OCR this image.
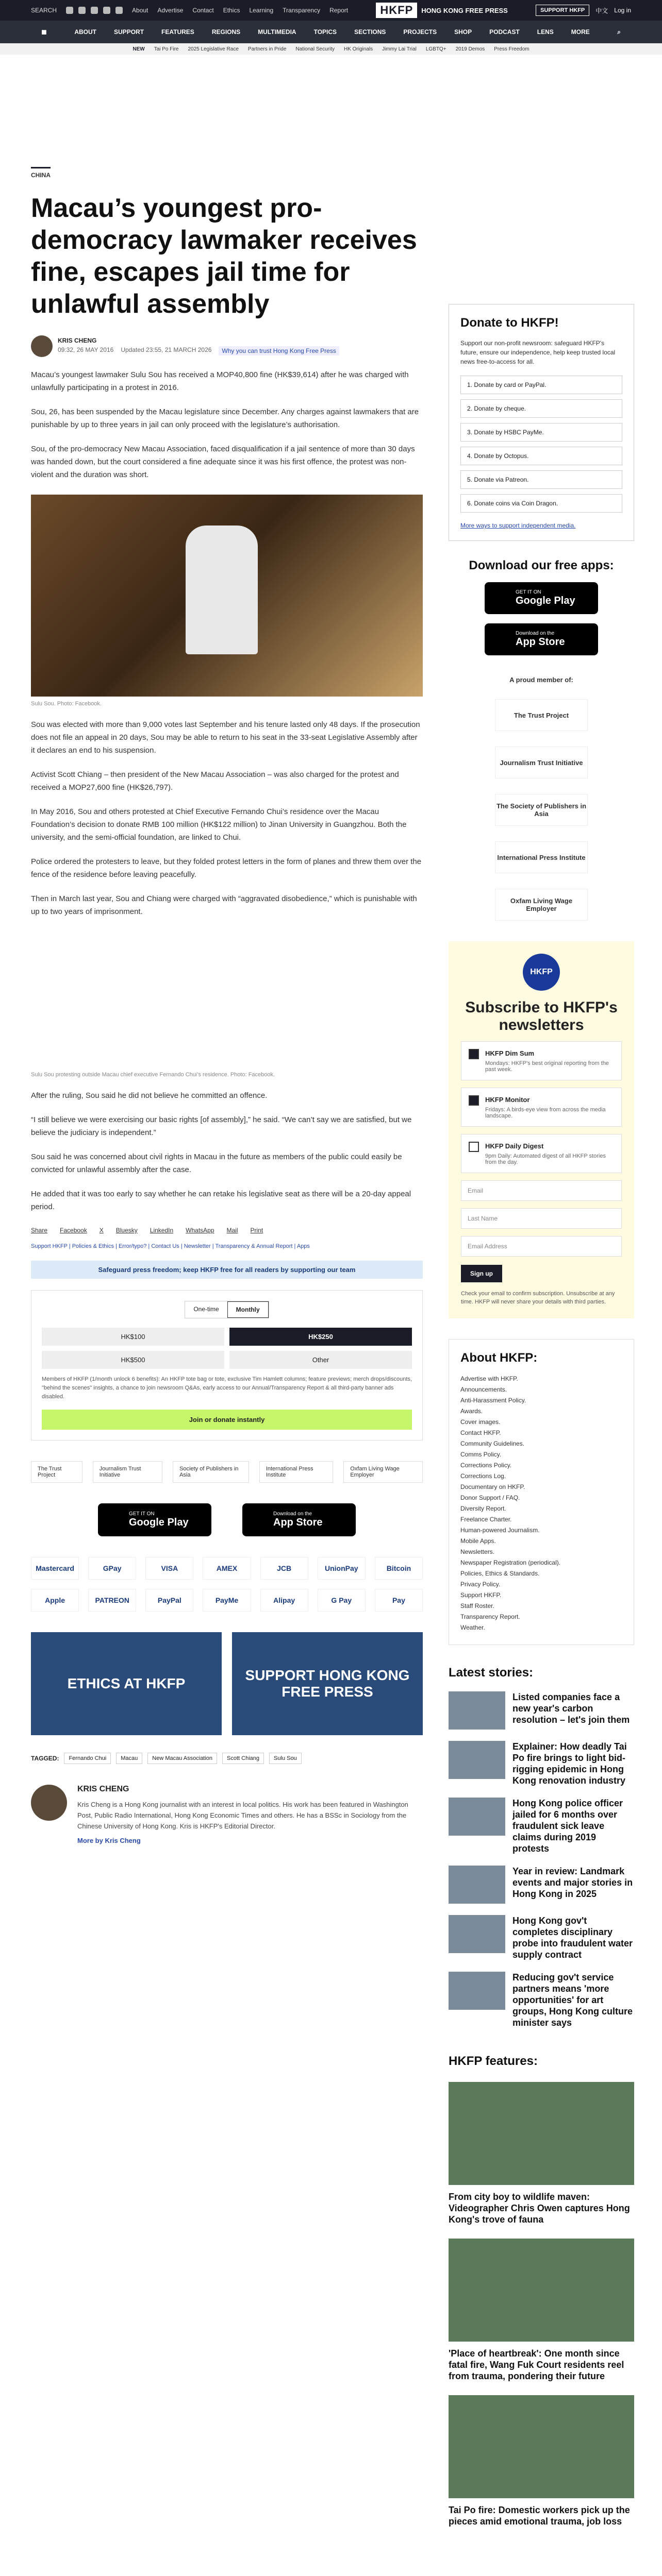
SEARCH	About Advertise Contact Ethics Learning Transparency Report	HKFP	HONG KONG FREE PRESS	SUPPORT HKFP	中文 Log in
■	ABOUT	SUPPORT	FEATURES	REGIONS	MULTIMEDIA	TOPICS	SECTIONS	PROJECTS	SHOP	PODCAST	LENS	MORE	⌕
NEW Tai Po Fire 2025 Legislative Race Partners in Pride National Security HK Originals Jimmy Lai Trial LGBTQ+ 2019 Demos Press Freedom
CHINA
Macau’s youngest pro-democracy lawmaker receives fine, escapes jail time for unlawful assembly
KRIS CHENG
09:32, 26 MAY 2016 Updated 23:55, 21 MARCH 2026	Why you can trust Hong Kong Free Press

Macau’s youngest lawmaker Sulu Sou has received a MOP40,800 fine (HK$39,614) after he was charged with unlawfully participating in a protest in 2016.

Sou, 26, has been suspended by the Macau legislature since December. Any charges against lawmakers that are punishable by up to three years in jail can only proceed with the legislature’s authorisation.

Sou, of the pro-democracy New Macau Association, faced disqualification if a jail sentence of more than 30 days was handed down, but the court considered a fine adequate since it was his first offence, the protest was non-violent and the duration was short.

Sulu Sou. Photo: Facebook.

Sou was elected with more than 9,000 votes last September and his tenure lasted only 48 days. If the prosecution does not file an appeal in 20 days, Sou may be able to return to his seat in the 33-seat Legislative Assembly after it declares an end to his suspension.

Activist Scott Chiang – then president of the New Macau Association – was also charged for the protest and received a MOP27,600 fine (HK$26,797).

In May 2016, Sou and others protested at Chief Executive Fernando Chui’s residence over the Macau Foundation’s decision to donate RMB 100 million (HK$122 million) to Jinan University in Guangzhou. Both the university, and the semi-official foundation, are linked to Chui.

Police ordered the protesters to leave, but they folded protest letters in the form of planes and threw them over the fence of the residence before leaving peacefully.

Then in March last year, Sou and Chiang were charged with “aggravated disobedience,” which is punishable with up to two years of imprisonment.

Sulu Sou protesting outside Macau chief executive Fernando Chui’s residence. Photo: Facebook.

After the ruling, Sou said he did not believe he committed an offence.

“I still believe we were exercising our basic rights [of assembly],” he said. “We can’t say we are satisfied, but we believe the judiciary is independent.”

Sou said he was concerned about civil rights in Macau in the future as members of the public could easily be convicted for unlawful assembly after the case.

He added that it was too early to say whether he can retake his legislative seat as there will be a 20-day appeal period.

Share Facebook X Bluesky LinkedIn WhatsApp Mail Print
Support HKFP | Policies & Ethics | Error/typo? | Contact Us | Newsletter | Transparency & Annual Report | Apps
Safeguard press freedom; keep HKFP free for all readers by supporting our team
One-time	Monthly
HK$100	HK$250
HK$500	Other
Members of HKFP (1/month unlock 6 benefits): An HKFP tote bag or tote, exclusive Tim Hamlett columns; feature previews; merch drops/discounts, "behind the scenes" insights, a chance to join newsroom Q&As, early access to our Annual/Transparency Report & all third-party banner ads disabled.
Join or donate instantly
The Trust Project
Journalism Trust Initiative
Society of Publishers in Asia
International Press Institute
Oxfam Living Wage Employer
GET IT ON
Google Play
Download on the
App Store
Mastercard	GPay	VISA	AMEX	JCB	UnionPay	Bitcoin
Apple	PATREON	PayPal	PayMe	Alipay	G Pay	Pay
ETHICS AT HKFP
SUPPORT HONG KONG FREE PRESS
TAGGED:	Fernando Chui	Macau	New Macau Association	Scott Chiang	Sulu Sou
KRIS CHENG

Kris Cheng is a Hong Kong journalist with an interest in local politics. His work has been featured in Washington Post, Public Radio International, Hong Kong Economic Times and others. He has a BSSc in Sociology from the Chinese University of Hong Kong. Kris is HKFP's Editorial Director.

More by Kris Cheng
Donate to HKFP!

Support our non-profit newsroom: safeguard HKFP's future, ensure our independence, help keep trusted local news free-to-access for all.

1. Donate by card or PayPal.
2. Donate by cheque.
3. Donate by HSBC PayMe.
4. Donate by Octopus.
5. Donate via Patreon.
6. Donate coins via Coin Dragon.
More ways to support independent media.
Download our free apps:
GET IT ON
Google Play
Download on the
App Store
A proud member of:
The Trust Project
Journalism Trust Initiative
The Society of Publishers in Asia
International Press Institute
Oxfam Living Wage Employer
HKFP
Subscribe to HKFP's newsletters
HKFP Dim Sum

Mondays: HKFP's best original reporting from the past week.

HKFP Monitor

Fridays: A birds-eye view from across the media landscape.

HKFP Daily Digest

9pm Daily: Automated digest of all HKFP stories from the day.

Email
Last Name
Email Address
Sign up
Check your email to confirm subscription. Unsubscribe at any time. HKFP will never share your details with third parties.
About HKFP:
Advertise with HKFP.
Announcements.
Anti-Harassment Policy.
Awards.
Cover images.
Contact HKFP.
Community Guidelines.
Comms Policy.
Corrections Policy.
Corrections Log.
Documentary on HKFP.
Donor Support / FAQ.
Diversity Report.
Freelance Charter.
Human-powered Journalism.
Mobile Apps.
Newsletters.
Newspaper Registration (periodical).
Policies, Ethics & Standards.
Privacy Policy.
Support HKFP.
Staff Roster.
Transparency Report.
Weather.
Latest stories:
Listed companies face a new year's carbon resolution – let's join them
Explainer: How deadly Tai Po fire brings to light bid-rigging epidemic in Hong Kong renovation industry
Hong Kong police officer jailed for 6 months over fraudulent sick leave claims during 2019 protests
Year in review: Landmark events and major stories in Hong Kong in 2025
Hong Kong gov't completes disciplinary probe into fraudulent water supply contract
Reducing gov't service partners means 'more opportunities' for art groups, Hong Kong culture minister says
HKFP features:
From city boy to wildlife maven: Videographer Chris Owen captures Hong Kong's trove of fauna
'Place of heartbreak': One month since fatal fire, Wang Fuk Court residents reel from trauma, pondering their future
Tai Po fire: Domestic workers pick up the pieces amid emotional trauma, job loss
